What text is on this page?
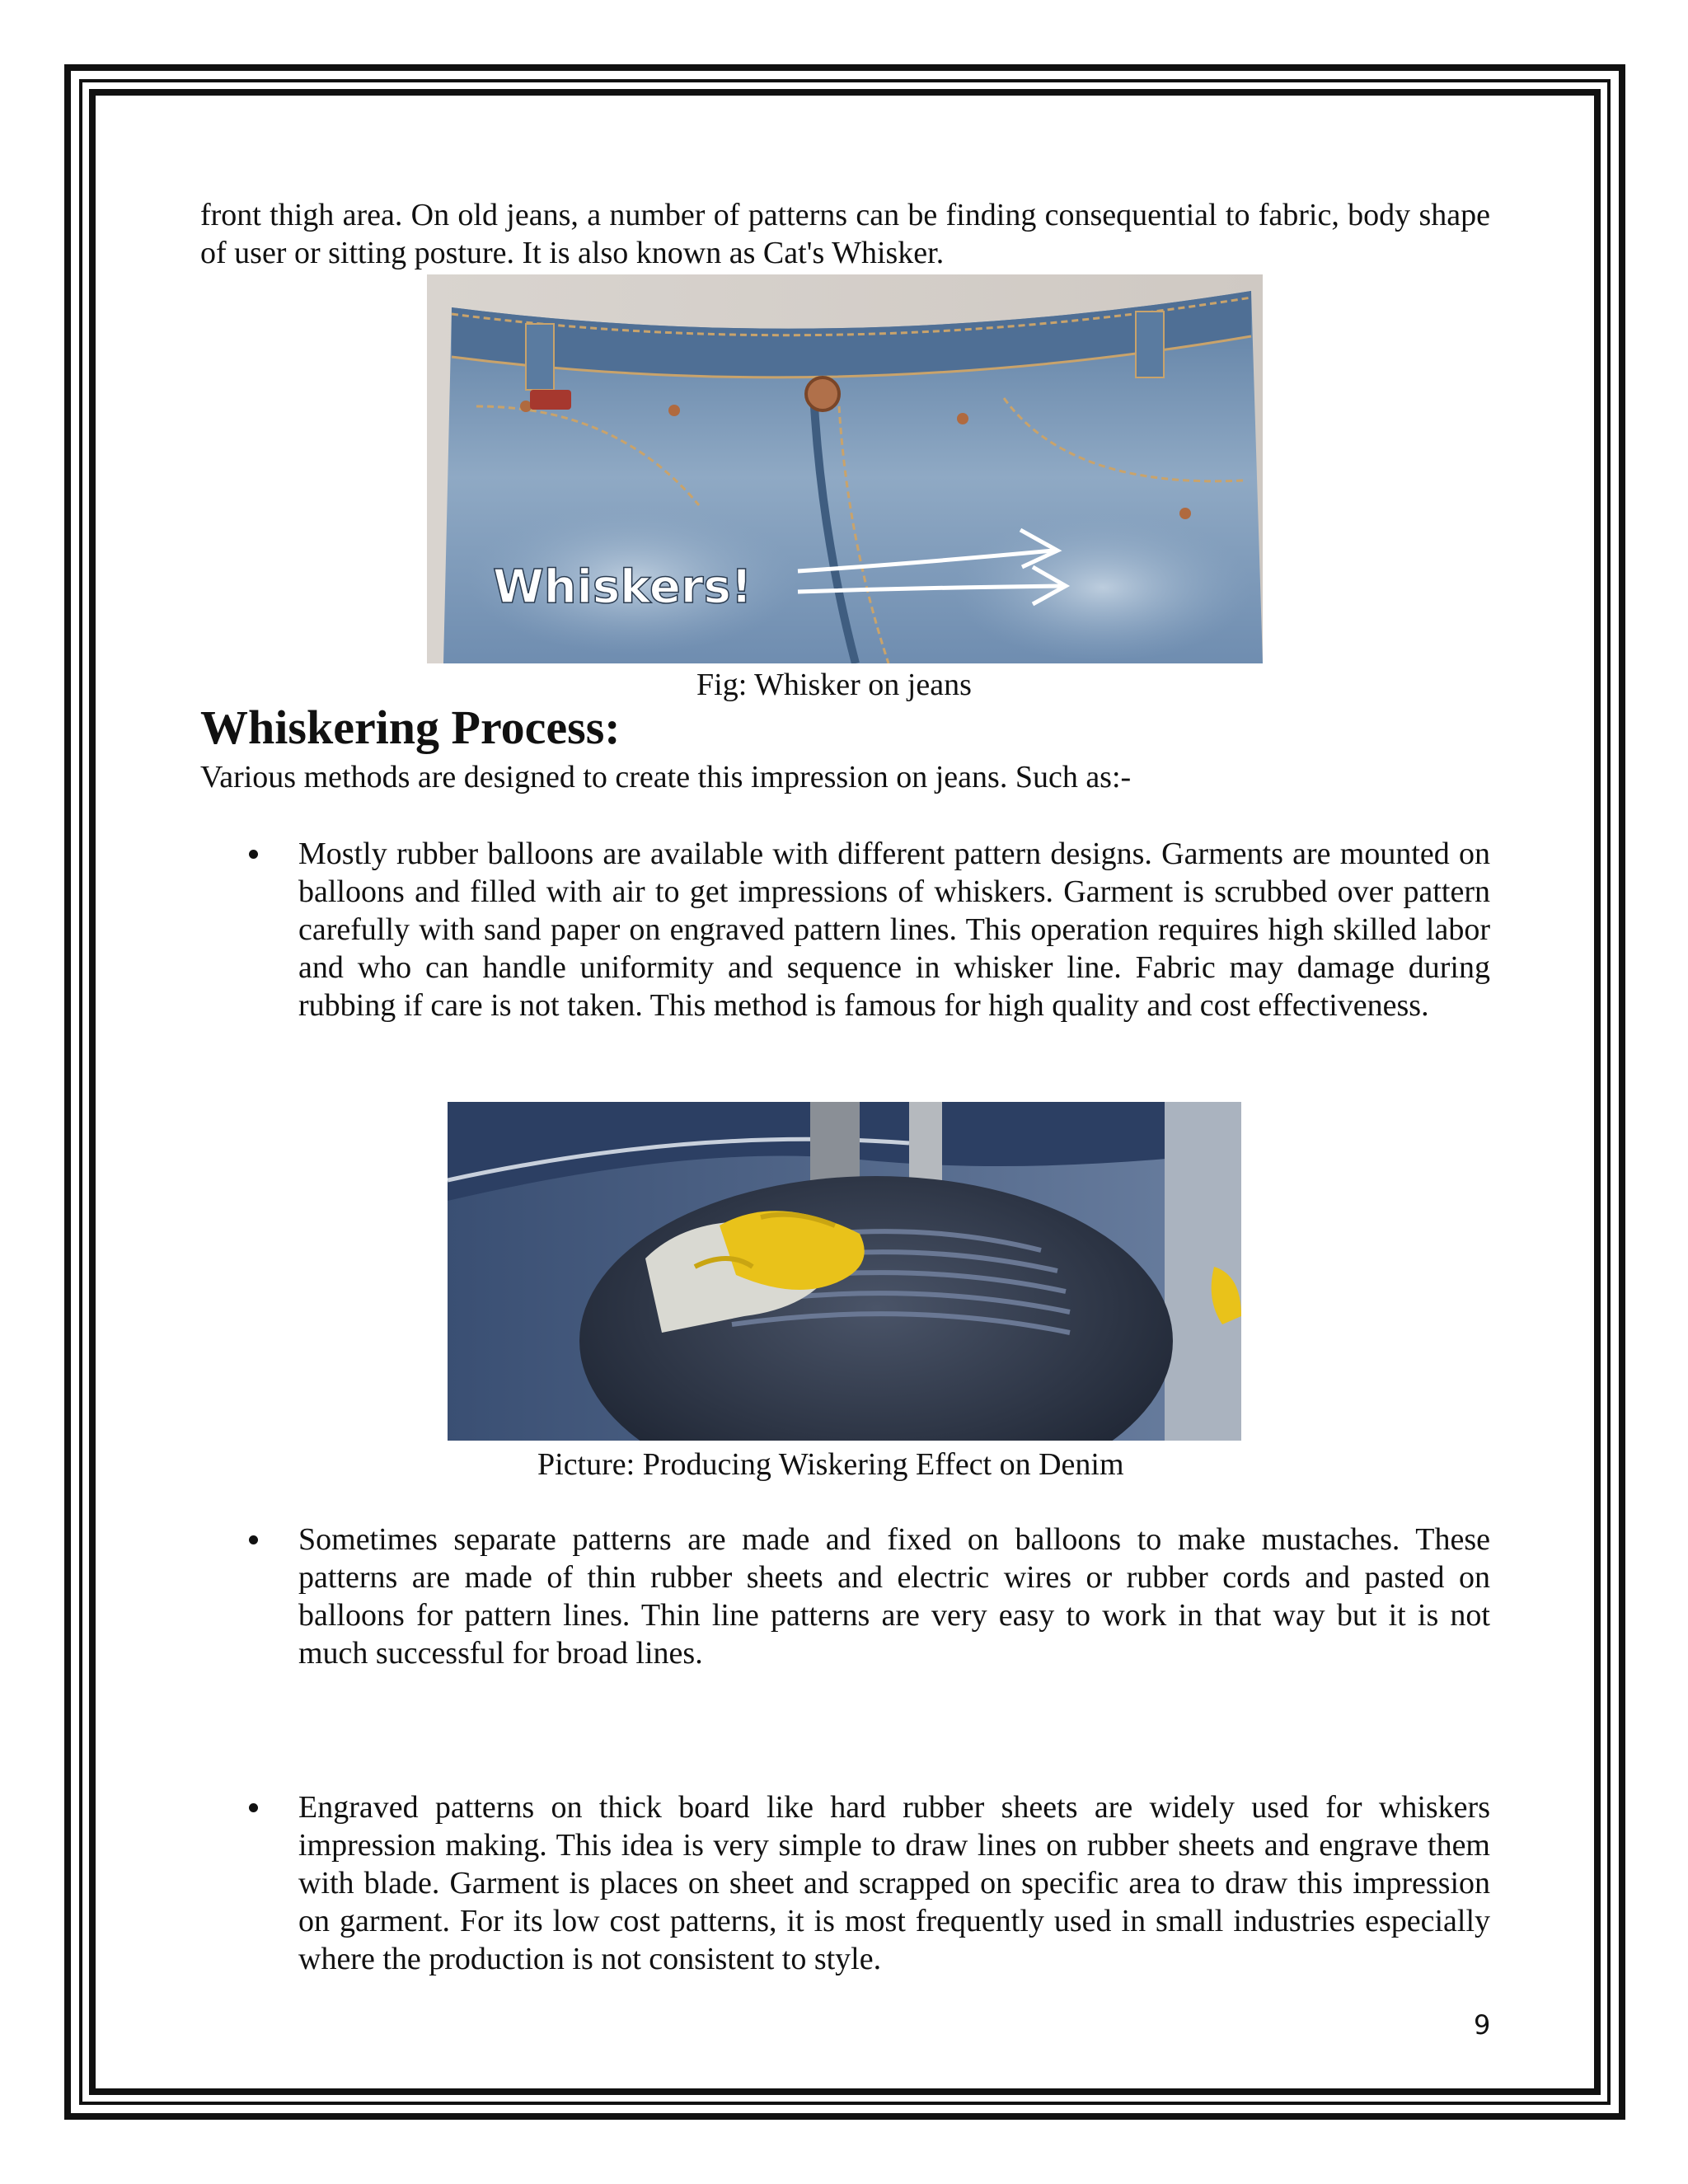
front thigh area. On old jeans, a number of patterns can be finding consequential to fabric, body shape of user or sitting posture. It is also known as Cat's Whisker.

Whiskers!
Fig: Whisker on jeans
Whiskering Process:

Various methods are designed to create this impression on jeans. Such as:-

Mostly rubber balloons are available with different pattern designs. Garments are mounted on balloons and filled with air to get impressions of whiskers. Garment is scrubbed over pattern carefully with sand paper on engraved pattern lines. This operation requires high skilled labor and who can handle uniformity and sequence in whisker line. Fabric may damage during rubbing if care is not taken. This method is famous for high quality and cost effectiveness.
Picture: Producing Wiskering Effect on Denim
Sometimes separate patterns are made and fixed on balloons to make mustaches. These patterns are made of thin rubber sheets and electric wires or rubber cords and pasted on balloons for pattern lines. Thin line patterns are very easy to work in that way but it is not much successful for broad lines.
Engraved patterns on thick board like hard rubber sheets are widely used for whiskers impression making. This idea is very simple to draw lines on rubber sheets and engrave them with blade. Garment is places on sheet and scrapped on specific area to draw this impression on garment. For its low cost patterns, it is most frequently used in small industries especially where the production is not consistent to style.
9
